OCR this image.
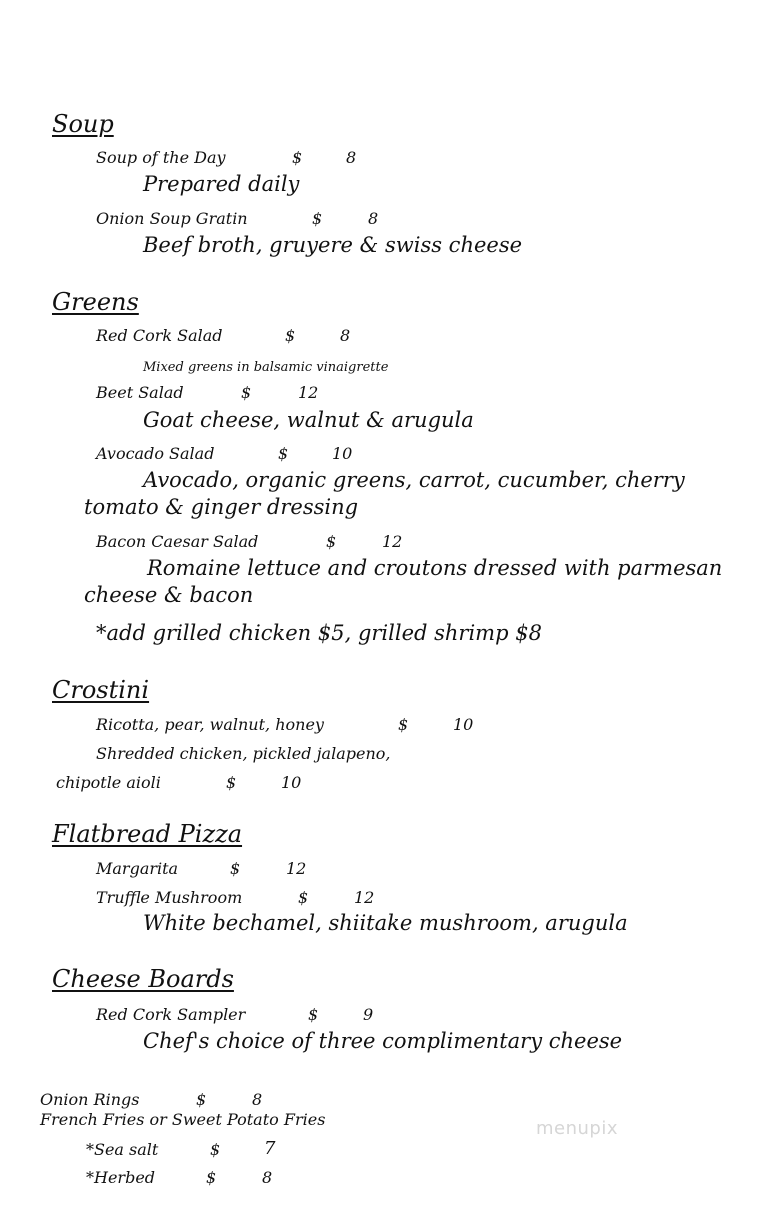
Soup
Soup of the Day	$	8
Prepared daily
Onion Soup Gratin	$	8
Beef broth, gruyere & swiss cheese
Greens
Red Cork Salad	$	8
Mixed greens in balsamic vinaigrette
Beet Salad	$	12
Goat cheese, walnut & arugula
Avocado Salad	$	10
Avocado, organic greens, carrot, cucumber, cherry
tomato & ginger dressing
Bacon Caesar Salad	$	12
Romaine lettuce and croutons dressed with parmesan
cheese & bacon
*add grilled chicken $5, grilled shrimp $8
Crostini
Ricotta, pear, walnut, honey	$	10
Shredded chicken, pickled jalapeno,
chipotle aioli	$	10
Flatbread Pizza
Margarita	$	12
Truffle Mushroom	$	12
White bechamel, shiitake mushroom, arugula
Cheese Boards
Red Cork Sampler	$	9
Chef's choice of three complimentary cheese
Onion Rings	$	8
French Fries or Sweet Potato Fries
*Sea salt	$ 7
*Herbed	$	8
menupix
